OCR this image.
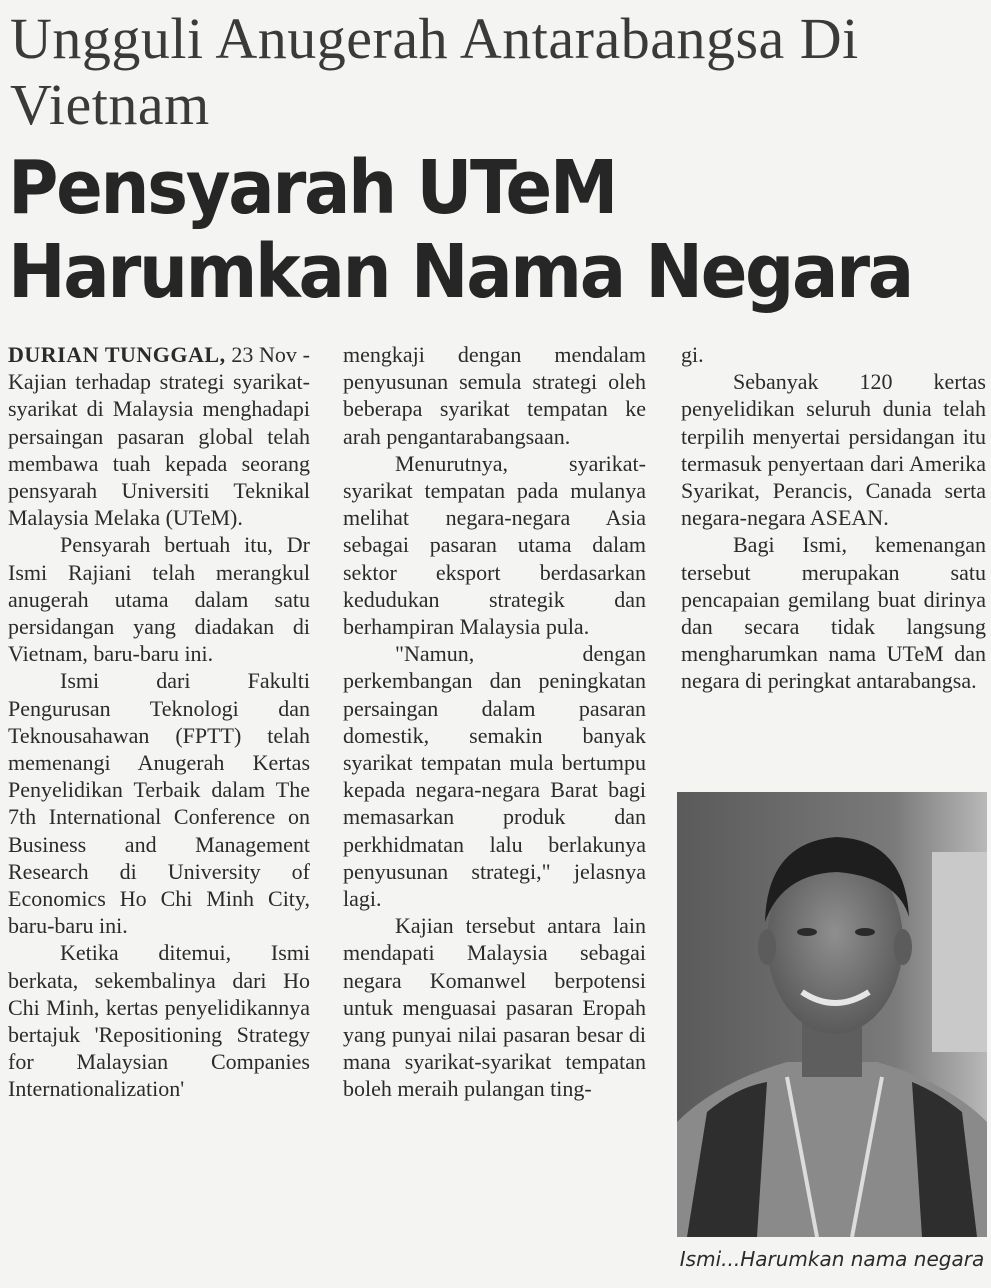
Ungguli Anugerah Antarabangsa Di Vietnam
Pensyarah UTeM
Harumkan Nama Negara

DURIAN TUNGGAL, 23 Nov - Kajian terhadap strategi syarikat-syarikat di Malaysia menghadapi persaingan pasaran global telah membawa tuah kepada seorang pensyarah Universiti Teknikal Malaysia Melaka (UTeM).

Pensyarah bertuah itu, Dr Ismi Rajiani telah merangkul anugerah utama dalam satu persidangan yang diadakan di Vietnam, baru-baru ini.

Ismi dari Fakulti Pengurusan Teknologi dan Teknousahawan (FPTT) telah memenangi Anugerah Kertas Penyelidikan Terbaik dalam The 7th International Conference on Business and Management Research di University of Economics Ho Chi Minh City, baru-baru ini.

Ketika ditemui, Ismi berkata, sekembalinya dari Ho Chi Minh, kertas penyelidikannya bertajuk 'Repositioning Strategy for Malaysian Companies Internationalization'

mengkaji dengan mendalam penyusunan semula strategi oleh beberapa syarikat tempatan ke arah pengantarabangsaan.

Menurutnya, syarikat-syarikat tempatan pada mulanya melihat negara-negara Asia sebagai pasaran utama dalam sektor eksport berdasarkan kedudukan strategik dan berhampiran Malaysia pula.

"Namun, dengan perkembangan dan peningkatan persaingan dalam pasaran domestik, semakin banyak syarikat tempatan mula bertumpu kepada negara-negara Barat bagi memasarkan produk dan perkhidmatan lalu berlakunya penyusunan strategi," jelasnya lagi.

Kajian tersebut antara lain mendapati Malaysia sebagai negara Komanwel berpotensi untuk menguasai pasaran Eropah yang punyai nilai pasaran besar di mana syarikat-syarikat tempatan boleh meraih pulangan ting-

gi.

Sebanyak 120 kertas penyelidikan seluruh dunia telah terpilih menyertai persidangan itu termasuk penyertaan dari Amerika Syarikat, Perancis, Canada serta negara-negara ASEAN.

Bagi Ismi, kemenangan tersebut merupakan satu pencapaian gemilang buat dirinya dan secara tidak langsung mengharumkan nama UTeM dan negara di peringkat antarabangsa.

Ismi...Harumkan nama negara
